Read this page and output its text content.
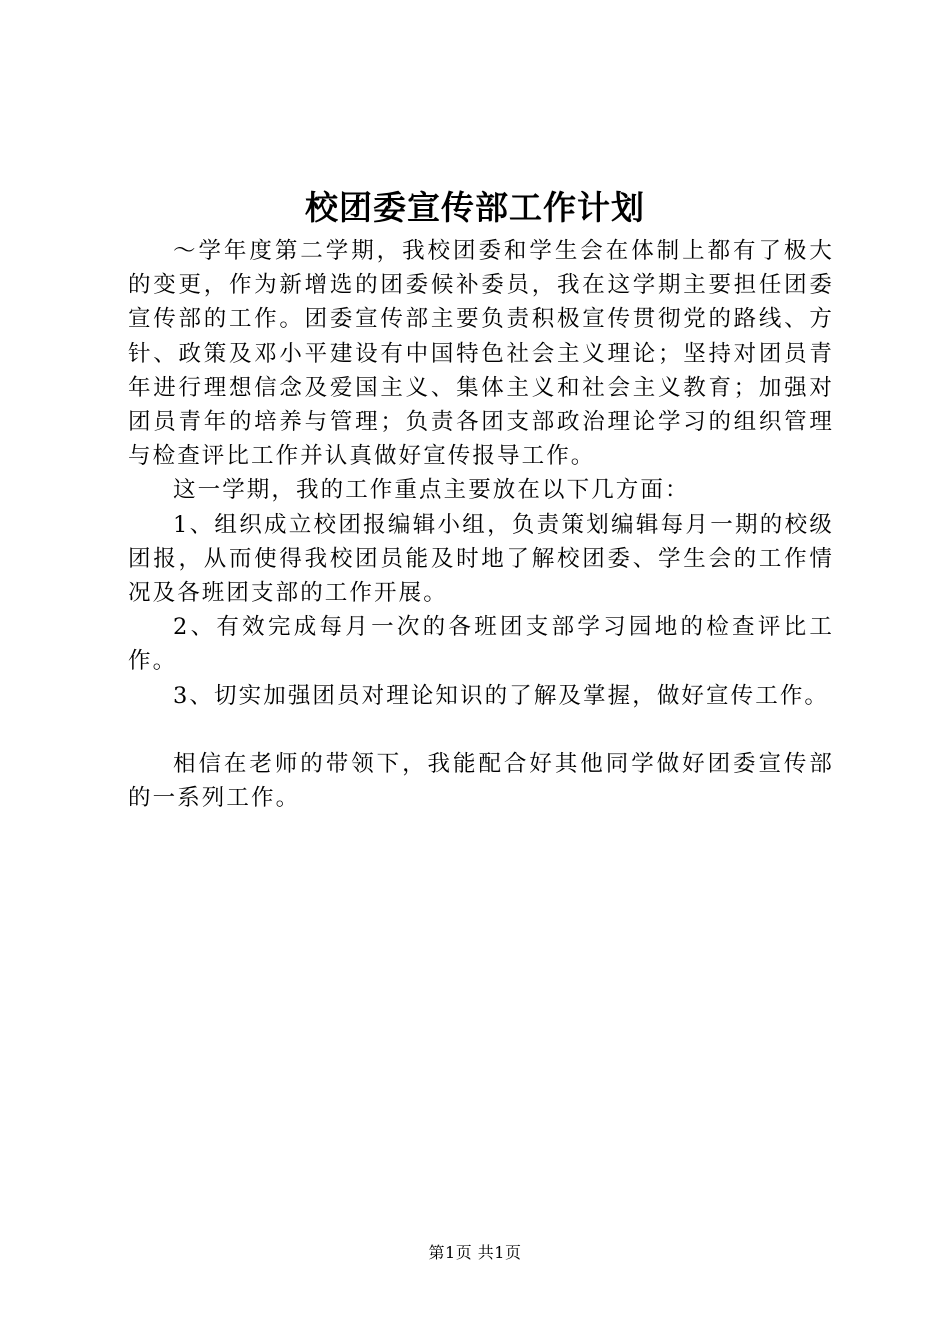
校团委宣传部工作计划

～学年度第二学期，我校团委和学生会在体制上都有了极大的变更，作为新增选的团委候补委员，我在这学期主要担任团委宣传部的工作。团委宣传部主要负责积极宣传贯彻党的路线、方针、政策及邓小平建设有中国特色社会主义理论；坚持对团员青年进行理想信念及爱国主义、集体主义和社会主义教育；加强对团员青年的培养与管理；负责各团支部政治理论学习的组织管理与检查评比工作并认真做好宣传报导工作。

这一学期，我的工作重点主要放在以下几方面：

1、组织成立校团报编辑小组，负责策划编辑每月一期的校级团报，从而使得我校团员能及时地了解校团委、学生会的工作情况及各班团支部的工作开展。

2、有效完成每月一次的各班团支部学习园地的检查评比工作。

3、切实加强团员对理论知识的了解及掌握，做好宣传工作。

相信在老师的带领下，我能配合好其他同学做好团委宣传部的一系列工作。

第1页 共1页
